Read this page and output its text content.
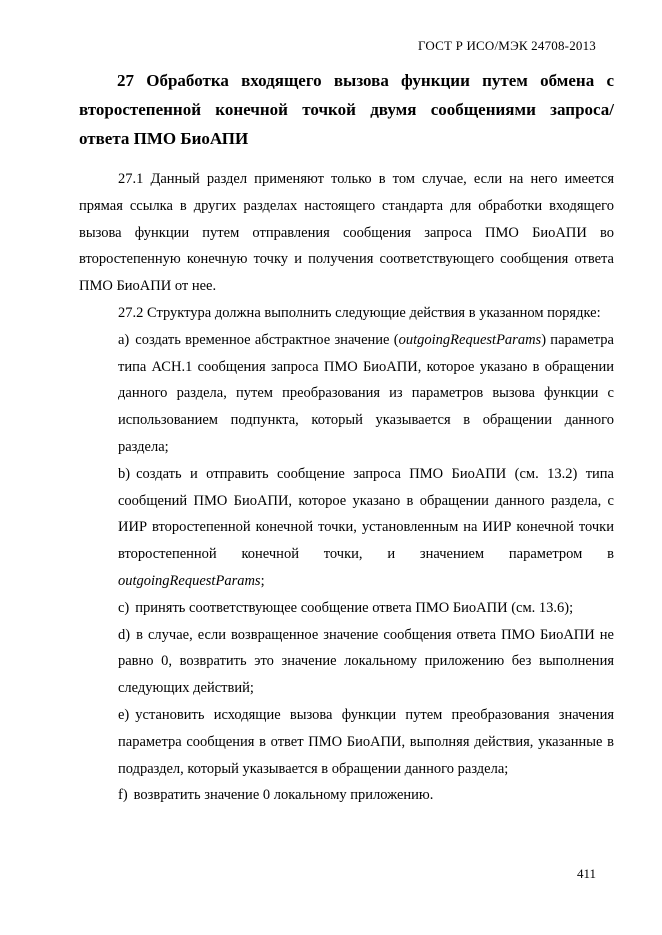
ГОСТ Р ИСО/МЭК 24708-2013
27 Обработка входящего вызова функции путем обмена с второстепенной конечной точкой двумя сообщениями запроса/ответа ПМО БиоАПИ

27.1 Данный раздел применяют только в том случае, если на него имеется прямая ссылка в других разделах настоящего стандарта для обработки входящего вызова функции путем отправления сообщения запроса ПМО БиоАПИ во второстепенную конечную точку и получения соответствующего сообщения ответа ПМО БиоАПИ от нее.

27.2 Структура должна выполнить следующие действия в указанном порядке:

a) создать временное абстрактное значение (outgoingRequestParams) параметра типа АСН.1 сообщения запроса ПМО БиоАПИ, которое указано в обращении данного раздела, путем преобразования из параметров вызова функции с использованием подпункта, который указывается в обращении данного раздела;
b) создать и отправить сообщение запроса ПМО БиоАПИ (см. 13.2) типа сообщений ПМО БиоАПИ, которое указано в обращении данного раздела, с ИИР второстепенной конечной точки, установленным на ИИР конечной точки второстепенной конечной точки, и значением параметром в outgoingRequestParams;
c) принять соответствующее сообщение ответа ПМО БиоАПИ (см. 13.6);
d) в случае, если возвращенное значение сообщения ответа ПМО БиоАПИ не равно 0, возвратить это значение локальному приложению без выполнения следующих действий;
e) установить исходящие вызова функции путем преобразования значения параметра сообщения в ответ ПМО БиоАПИ, выполняя действия, указанные в подраздел, который указывается в обращении данного раздела;
f) возвратить значение 0 локальному приложению.
411
